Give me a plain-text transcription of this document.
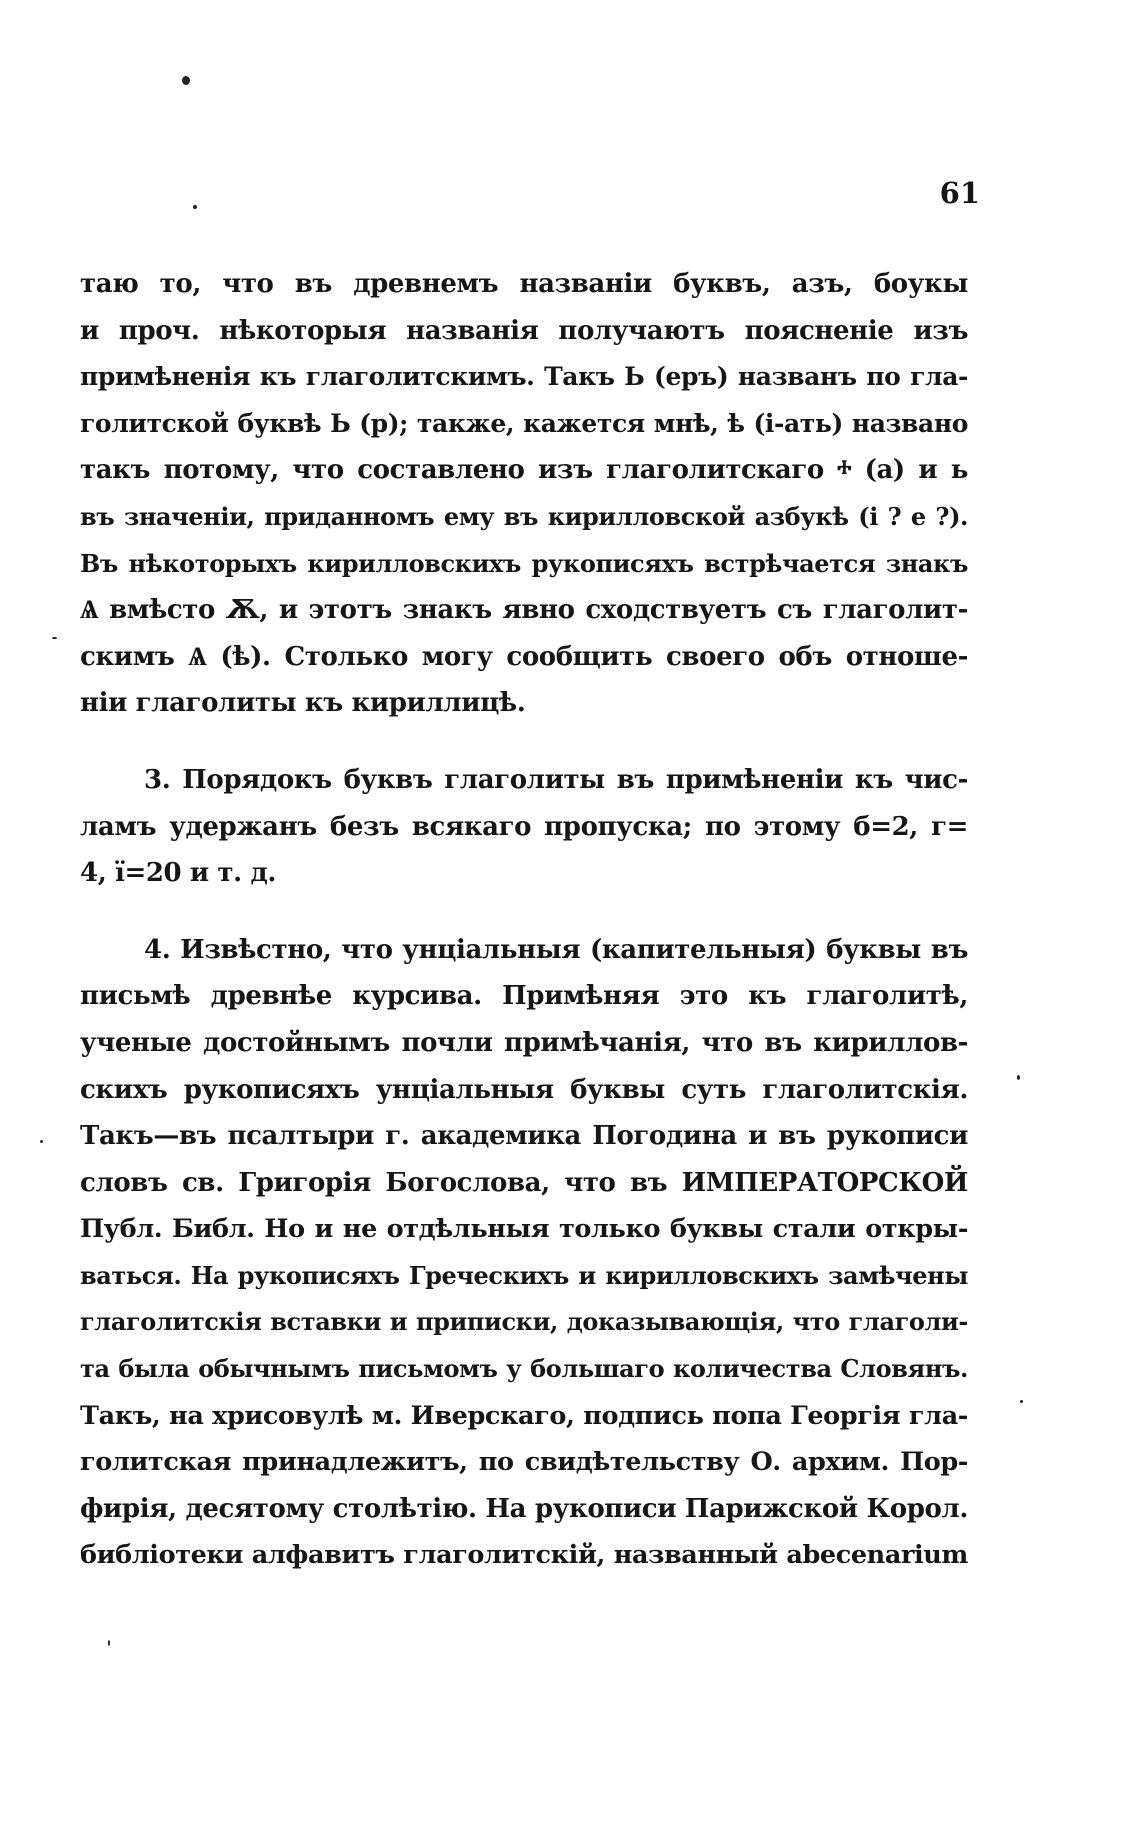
61
таю то, что въ древнемъ названіи буквъ, азъ, боукы
и проч. нѣкоторыя названія получаютъ поясненіе изъ
примѣненія къ глаголитскимъ. Такъ Ь (еръ) названъ по гла-
голитской буквѣ Ь (р); также, кажется мнѣ, ѣ (і-ать) названо
такъ потому, что составлено изъ глаголитскаго ⰰ (а) и ь
въ значеніи, приданномъ ему въ кирилловской азбукѣ (і ? е ?).
Въ нѣкоторыхъ кирилловскихъ рукописяхъ встрѣчается знакъ
Ѧ вмѣсто Ѫ, и этотъ знакъ явно сходствуетъ съ глаголит-
скимъ Ѧ (ѣ). Столько могу сообщить своего объ отноше-
ніи глаголиты къ кириллицѣ.
3. Порядокъ буквъ глаголиты въ примѣненіи къ чис-
ламъ удержанъ безъ всякаго пропуска; по этому б=2, г=
4, ї=20 и т. д.
4. Извѣстно, что унціальныя (капительныя) буквы въ
письмѣ древнѣе курсива. Примѣняя это къ глаголитѣ,
ученые достойнымъ почли примѣчанія, что въ кириллов-
скихъ рукописяхъ унціальныя буквы суть глаголитскія.
Такъ—въ псалтыри г. академика Погодина и въ рукописи
словъ св. Григорія Богослова, что въ ИМПЕРАТОРСКОЙ
Публ. Библ. Но и не отдѣльныя только буквы стали откры-
ваться. На рукописяхъ Греческихъ и кирилловскихъ замѣчены
глаголитскія вставки и приписки, доказывающія, что глаголи-
та была обычнымъ письмомъ у большаго количества Словянъ.
Такъ, на хрисовулѣ м. Иверскаго, подпись попа Георгія гла-
голитская принадлежитъ, по свидѣтельству О. архим. Пор-
фирія, десятому столѣтію. На рукописи Парижской Корол.
библіотеки алфавитъ глаголитскій, названный abecenarium
